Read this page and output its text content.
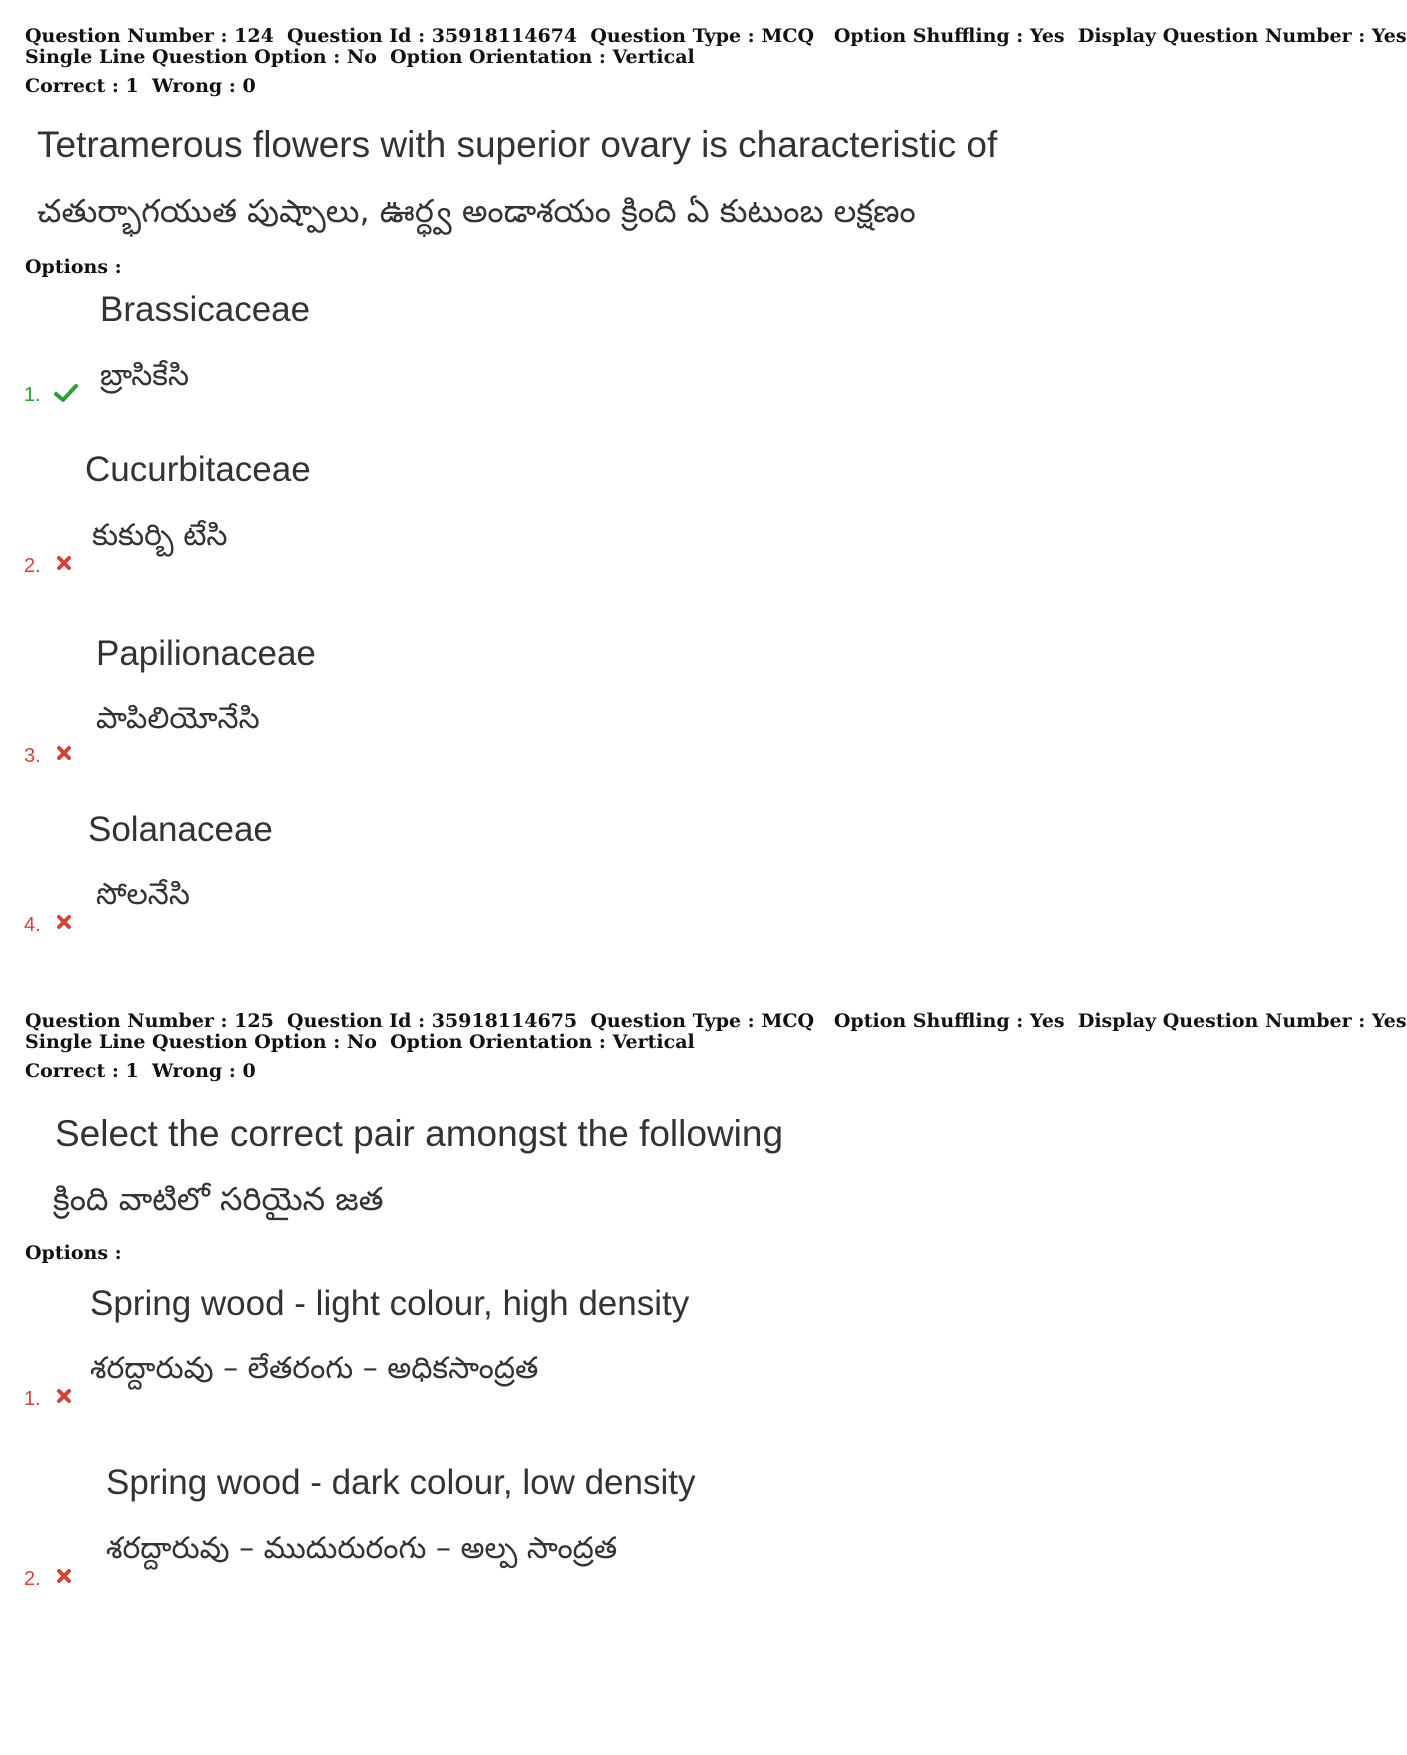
Question Number : 124  Question Id : 35918114674  Question Type : MCQ   Option Shuffling : Yes  Display Question Number : Yes
Single Line Question Option : No  Option Orientation : Vertical
Correct : 1  Wrong : 0
Tetramerous flowers with superior ovary is characteristic of
చతుర్భాగయుత పుష్పాలు, ఊర్ధ్వ అండాశయం క్రింది ఏ కుటుంబ లక్షణం
Options :
Brassicaceae
బ్రాసికేసి
1.
Cucurbitaceae
కుకుర్బి టేసి
2.
Papilionaceae
పాపిలియోనేసి
3.
Solanaceae
సోలనేసి
4.
Question Number : 125  Question Id : 35918114675  Question Type : MCQ   Option Shuffling : Yes  Display Question Number : Yes
Single Line Question Option : No  Option Orientation : Vertical
Correct : 1  Wrong : 0
Select the correct pair amongst the following
క్రింది వాటిలో సరియైన జత
Options :
Spring wood - light colour, high density
శరద్దారువు – లేతరంగు – అధికసాంద్రత
1.
Spring wood - dark colour, low density
శరద్దారువు – ముదురురంగు – అల్ప సాంద్రత
2.
